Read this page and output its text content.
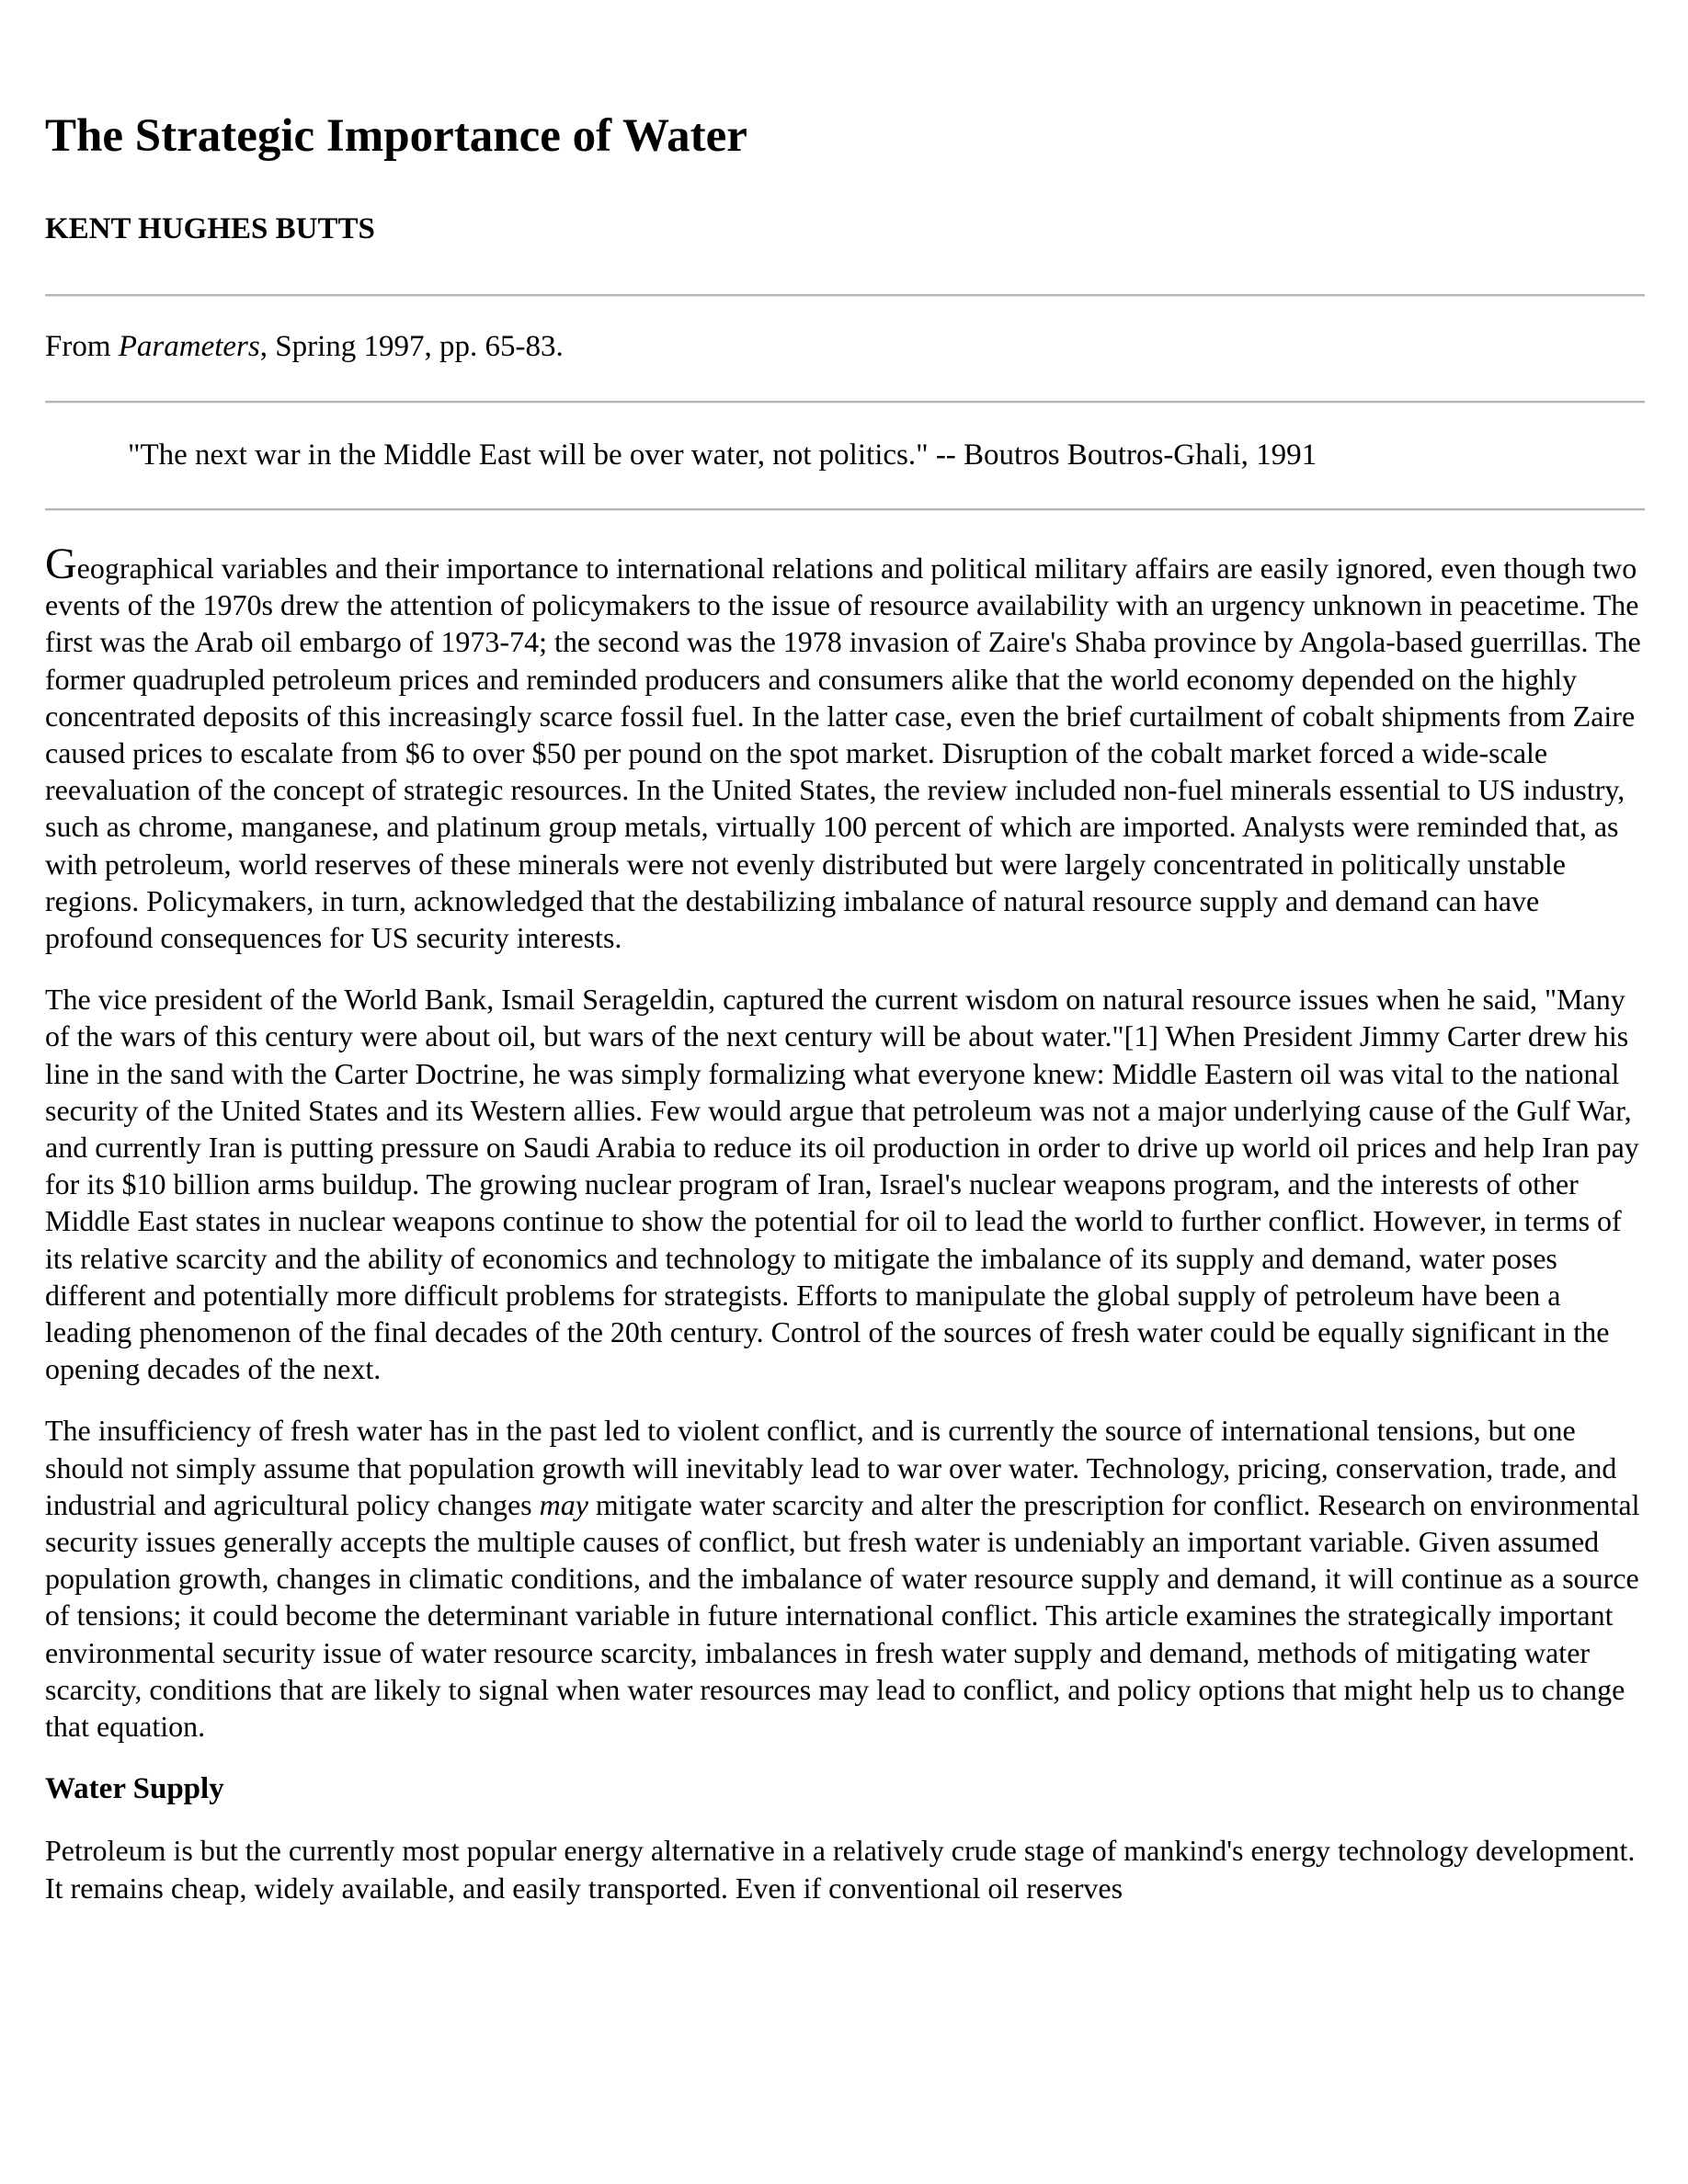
The Strategic Importance of Water
KENT HUGHES BUTTS
From Parameters, Spring 1997, pp. 65-83.
"The next war in the Middle East will be over water, not politics." -- Boutros Boutros-Ghali, 1991

Geographical variables and their importance to international relations and political military affairs are easily ignored, even though two events of the 1970s drew the attention of policymakers to the issue of resource availability with an urgency unknown in peacetime. The first was the Arab oil embargo of 1973-74; the second was the 1978 invasion of Zaire's Shaba province by Angola-based guerrillas. The former quadrupled petroleum prices and reminded producers and consumers alike that the world economy depended on the highly concentrated deposits of this increasingly scarce fossil fuel. In the latter case, even the brief curtailment of cobalt shipments from Zaire caused prices to escalate from $6 to over $50 per pound on the spot market. Disruption of the cobalt market forced a wide-scale reevaluation of the concept of strategic resources. In the United States, the review included non-fuel minerals essential to US industry, such as chrome, manganese, and platinum group metals, virtually 100 percent of which are imported. Analysts were reminded that, as with petroleum, world reserves of these minerals were not evenly distributed but were largely concentrated in politically unstable regions. Policymakers, in turn, acknowledged that the destabilizing imbalance of natural resource supply and demand can have profound consequences for US security interests.

The vice president of the World Bank, Ismail Serageldin, captured the current wisdom on natural resource issues when he said, "Many of the wars of this century were about oil, but wars of the next century will be about water."[1] When President Jimmy Carter drew his line in the sand with the Carter Doctrine, he was simply formalizing what everyone knew: Middle Eastern oil was vital to the national security of the United States and its Western allies. Few would argue that petroleum was not a major underlying cause of the Gulf War, and currently Iran is putting pressure on Saudi Arabia to reduce its oil production in order to drive up world oil prices and help Iran pay for its $10 billion arms buildup. The growing nuclear program of Iran, Israel's nuclear weapons program, and the interests of other Middle East states in nuclear weapons continue to show the potential for oil to lead the world to further conflict. However, in terms of its relative scarcity and the ability of economics and technology to mitigate the imbalance of its supply and demand, water poses different and potentially more difficult problems for strategists. Efforts to manipulate the global supply of petroleum have been a leading phenomenon of the final decades of the 20th century. Control of the sources of fresh water could be equally significant in the opening decades of the next.

The insufficiency of fresh water has in the past led to violent conflict, and is currently the source of international tensions, but one should not simply assume that population growth will inevitably lead to war over water. Technology, pricing, conservation, trade, and industrial and agricultural policy changes may mitigate water scarcity and alter the prescription for conflict. Research on environmental security issues generally accepts the multiple causes of conflict, but fresh water is undeniably an important variable. Given assumed population growth, changes in climatic conditions, and the imbalance of water resource supply and demand, it will continue as a source of tensions; it could become the determinant variable in future international conflict. This article examines the strategically important environmental security issue of water resource scarcity, imbalances in fresh water supply and demand, methods of mitigating water scarcity, conditions that are likely to signal when water resources may lead to conflict, and policy options that might help us to change that equation.

Water Supply

Petroleum is but the currently most popular energy alternative in a relatively crude stage of mankind's energy technology development. It remains cheap, widely available, and easily transported. Even if conventional oil reserves
